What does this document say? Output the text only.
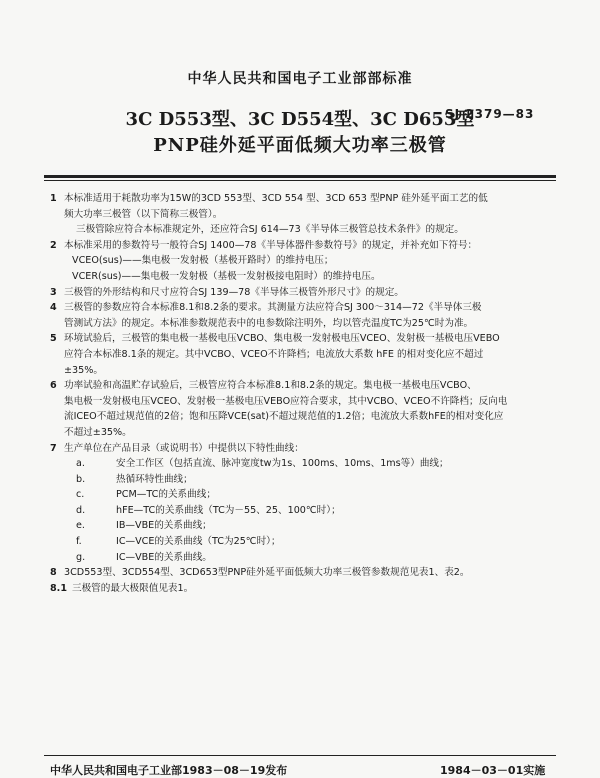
中华人民共和国电子工业部部标准
3C D553型、3C D554型、3C D653型
SJ 2379—83
PNP硅外延平面低频大功率三极管
1 本标准适用于耗散功率为15W的3CD 553型、3CD 554 型、3CD 653 型PNP 硅外延平面工艺的低
频大功率三极管（以下简称三极管）。
三极管除应符合本标准规定外，还应符合SJ 614—73《半导体三极管总技术条件》的规定。
2 本标准采用的参数符号一般符合SJ 1400—78《半导体器件参数符号》的规定，并补充如下符号：
VCEO(sus)——集电极一发射极（基极开路时）的维持电压；
VCER(sus)——集电极一发射极（基极一发射极接电阻时）的维持电压。
3 三极管的外形结构和尺寸应符合SJ 139—78《半导体三极管外形尺寸》的规定。
4 三极管的参数应符合本标准8.1和8.2条的要求。其测量方法应符合SJ 300～314—72《半导体三极
管测试方法》的规定。本标准参数规范表中的电参数除注明外，均以管壳温度TC为25℃时为准。
5 环境试验后，三极管的集电极一基极电压VCBO、集电极一发射极电压VCEO、发射极一基极电压VEBO
应符合本标准8.1条的规定。其中VCBO、VCEO不许降档；电流放大系数 hFE 的相对变化应不超过
±35%。
6 功率试验和高温贮存试验后，三极管应符合本标准8.1和8.2条的规定。集电极一基极电压VCBO、
集电极一发射极电压VCEO、发射极一基极电压VEBO应符合要求，其中VCBO、VCEO不许降档；反向电
流ICEO不超过规范值的2倍；饱和压降VCE(sat)不超过规范值的1.2倍；电流放大系数hFE的相对变化应
不超过±35%。
7 生产单位在产品目录（或说明书）中提供以下特性曲线：
a.	安全工作区（包括直流、脉冲宽度tw为1s、100ms、10ms、1ms等）曲线；
b.	热循环特性曲线；
c.	PCM—TC的关系曲线；
d.	hFE—TC的关系曲线（TC为－55、25、100℃时）；
e.	IB—VBE的关系曲线；
f.	IC—VCE的关系曲线（TC为25℃时）；
g.	IC—VBE的关系曲线。
8 3CD553型、3CD554型、3CD653型PNP硅外延平面低频大功率三极管参数规范见表1、表2。
8.1 三极管的最大极限值见表1。
中华人民共和国电子工业部1983－08－19发布	1984－03－01实施
